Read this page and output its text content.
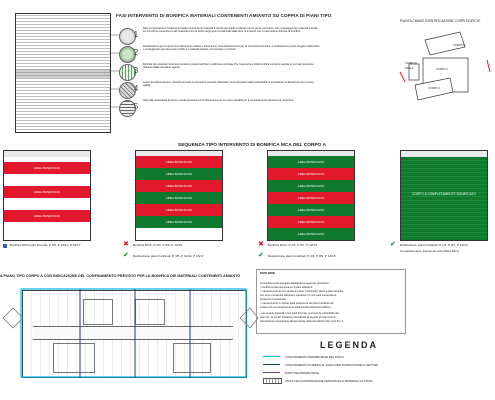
FASI INTERVENTO DI BONIFICA MATERIALI CONTENENTI AMIANTO SU COPPIA DI PIANI TIPO
1
2
3
4
5
Dato sul pianterreno l'isolamento delle immissioni di materiali a rischio per quello confinato con le prime procedure con il passaggio dei materiali a livello. La rimozione preventiva di tali materiali entro le quote degli spazi contaminati dalle fibre di amianto che si trasmettono durante la bonifica.
Realizzazione per le opere di confinamento statico e dinamico in zona dell'intervento per la successiva bonifica. Il confinamento verrà eseguito utilizzando e proteggendo ogni elemento mobile e i materiali isolanti, con cerniere e controlli.
Bonifica dei materiali contenenti amianto presenti all'interno dell'area confinata. Per l'esecuzione della bonifica verranno seguite le normali procedure richieste dalla normativa vigente.
Lavori bonificati saranno restituiti secondo le procedure previste. Effettuato senza sbrigativi della restituibilità ai prevedendo la liberazione per il piano agibile.
Oltre alla restituibilità ai lavori e usuali procedure di confinamento per cui sono possibili per il completamento dei lavori di rimozione.
PIANTA CHIAVE IDENTIFICAZIONE CORPI EDIFICIO
CORPO B
CORPO A
CORPO C
CORPO F
SCALA
SEQUENZA TIPO INTERVENTO DI BONIFICA MCA DEL CORPO A
AREA BONIFICATA
AREA BONIFICATA
AREA BONIFICATA
AREA BONIFICATA
AREA BONIFICATA
AREA BONIFICATA
AREA BONIFICATA
AREA BONIFICATA
AREA BONIFICATA
AREA BONIFICATA
AREA BONIFICATA
AREA BONIFICATA
AREA BONIFICATA
AREA BONIFICATA
AREA BONIFICATA
AREA BONIFICATA
CORPO A COMPLETAMENTE BONIFICATO
Bonifica MCA piani interrati, P 4/5, P 10/11, P 16/17	✖ Bonifica MCA: P 2/3, P 8/9, P 14/15
✔ Restituzione piani bonificati: P 4/5, P 10/11, P 16/17
✖ Bonifica MCA: P 1/1, P 6/7, P 12/13
✔ Restituzione piani bonificati: P 2/3, P 8/9, P 14/15
✔ Restituzione piani bonificati: P 1/1, P 6/7, P 12/13
Completamento intervento di bonifica MCA
A PIANO TIPO CORPO A CON INDICAZIONE DEL CONFINAMENTO PREVISTO PER LA BONIFICA DEI MATERIALI CONTENENTI AMIANTO
NOTE BENE
La bonifica verrà eseguita adottando la seguente procedura:
- bonifica contemporanea su 2 piani adiacenti;
- mantenimento di uno spazio di piano "cuscinetto" libero a piani bonifica
non sono consentite effettuare operazioni in non sarà consentita la
presenza di personale;
- mantenimento in spazio della preferenze del piani bonificati ad
evitare che al completamento della bonifica dell'intero edificio.
- per quanto riguarda i vani piani interrati, verranno la restituibilità dei
piani 31, 32 ed 33. Pertanto procedendo al seguito gli interventi di
demolizione propedeutici all'esecuzione delle demolizioni dei corpi B e C.
LEGENDA
CONFINAMENTO PERIMETRALE DEL PIANO
CONFINAMENTO INTERNO AL PIANO PER SUDDIVISIONE IN SETTORI
PORTONE PERIMETRALE
UNITA' DECONTAMINAZIONE PERSONALE E MATERIALI AL PIANO
